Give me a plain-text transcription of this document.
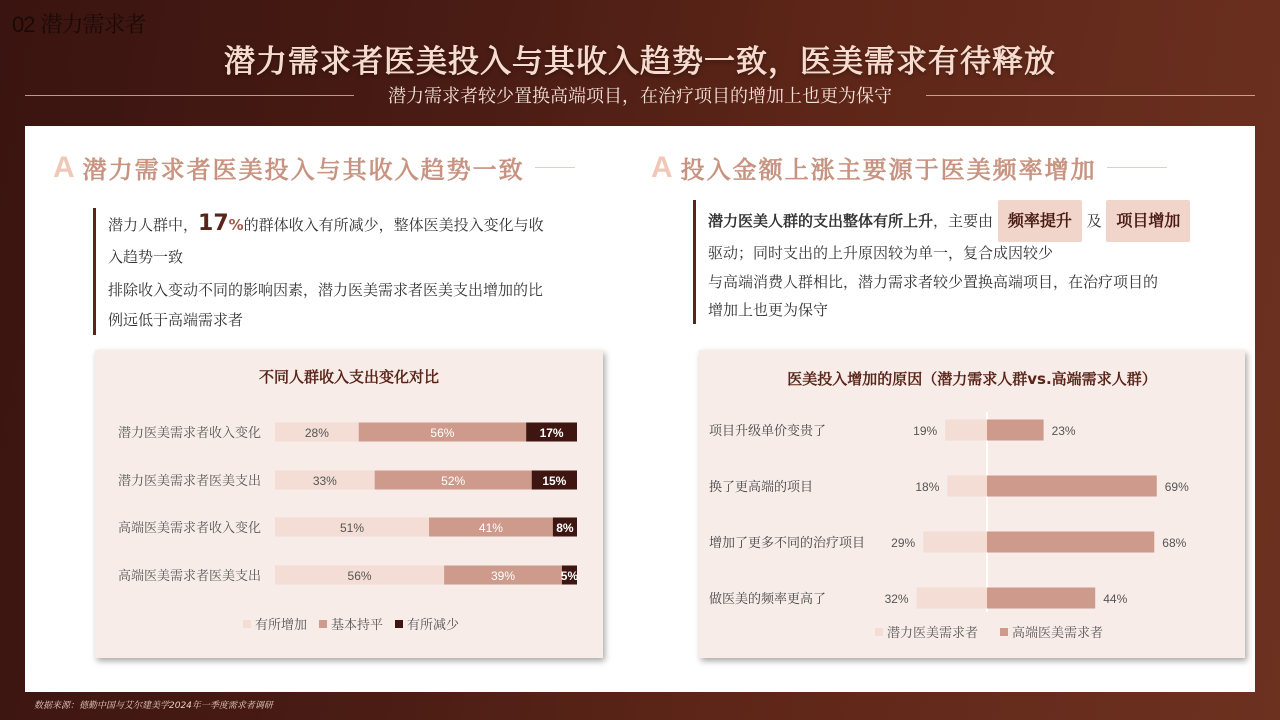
02 潜力需求者
潜力需求者医美投入与其收入趋势一致，医美需求有待释放
潜力需求者较少置换高端项目，在治疗项目的增加上也更为保守
A 潜力需求者医美投入与其收入趋势一致

潜力人群中，17%的群体收入有所减少，整体医美投入变化与收

入趋势一致

排除收入变动不同的影响因素，潜力医美需求者医美支出增加的比
例远低于高端需求者

不同人群收入支出变化对比
潜力医美需求者收入变化	28%	56%	17%
潜力医美需求者医美支出	33%	52%	15%
高端医美需求者收入变化	51%	41%	8%
高端医美需求者医美支出	56%	39%	5%
有所增加 基本持平 有所减少
A 投入金额上涨主要源于医美频率增加

潜力医美人群的支出整体有所上升，主要由 频率提升 及 项目增加

驱动；同时支出的上升原因较为单一，复合成因较少

与高端消费人群相比，潜力需求者较少置换高端项目，在治疗项目的
增加上也更为保守

医美投入增加的原因（潜力需求人群vs.高端需求人群）
项目升级单价变贵了	19%	23%
换了更高端的项目	18%	69%
增加了更多不同的治疗项目 29%	68%
做医美的频率更高了	32%	44%
潜力医美需求者	高端医美需求者
数据来源：德勤中国与艾尔建美学2024年一季度需求者调研
